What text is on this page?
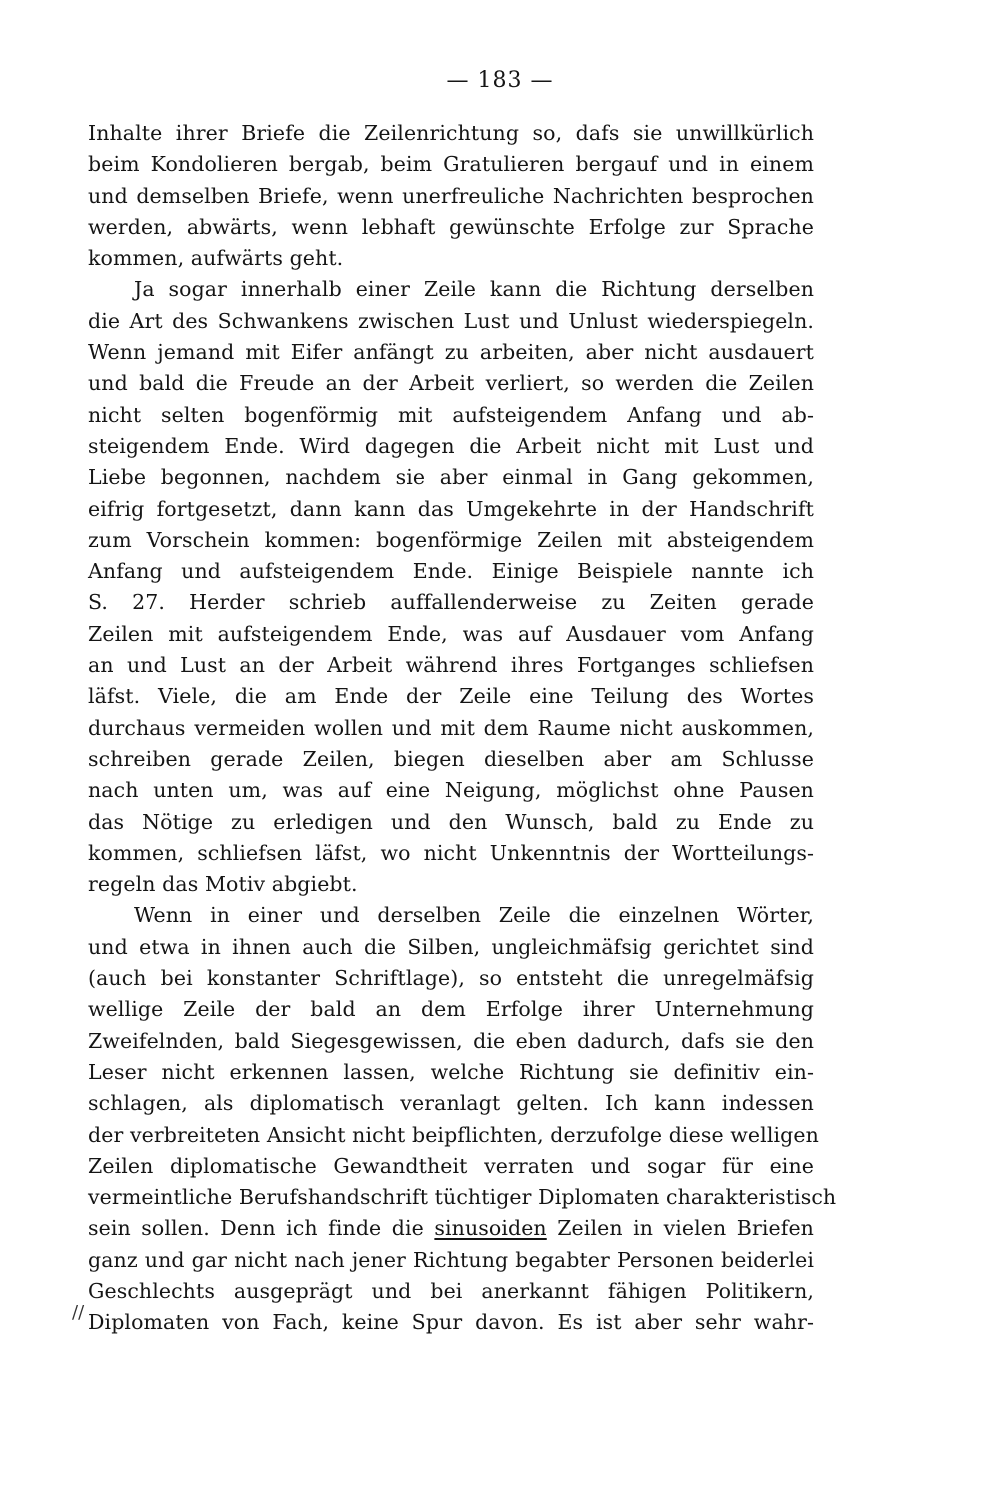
— 183 —
//
Inhalte ihrer Briefe die Zeilenrichtung so, dafs sie unwillkürlich
beim Kondolieren bergab, beim Gratulieren bergauf und in einem
und demselben Briefe, wenn unerfreuliche Nachrichten besprochen
werden, abwärts, wenn lebhaft gewünschte Erfolge zur Sprache
kommen, aufwärts geht.
Ja sogar innerhalb einer Zeile kann die Richtung derselben
die Art des Schwankens zwischen Lust und Unlust wiederspiegeln.
Wenn jemand mit Eifer anfängt zu arbeiten, aber nicht ausdauert
und bald die Freude an der Arbeit verliert, so werden die Zeilen
nicht selten bogenförmig mit aufsteigendem Anfang und ab-
steigendem Ende. Wird dagegen die Arbeit nicht mit Lust und
Liebe begonnen, nachdem sie aber einmal in Gang gekommen,
eifrig fortgesetzt, dann kann das Umgekehrte in der Handschrift
zum Vorschein kommen: bogenförmige Zeilen mit absteigendem
Anfang und aufsteigendem Ende. Einige Beispiele nannte ich
S. 27. Herder schrieb auffallenderweise zu Zeiten gerade
Zeilen mit aufsteigendem Ende, was auf Ausdauer vom Anfang
an und Lust an der Arbeit während ihres Fortganges schliefsen
läfst. Viele, die am Ende der Zeile eine Teilung des Wortes
durchaus vermeiden wollen und mit dem Raume nicht auskommen,
schreiben gerade Zeilen, biegen dieselben aber am Schlusse
nach unten um, was auf eine Neigung, möglichst ohne Pausen
das Nötige zu erledigen und den Wunsch, bald zu Ende zu
kommen, schliefsen läfst, wo nicht Unkenntnis der Wortteilungs-
regeln das Motiv abgiebt.
Wenn in einer und derselben Zeile die einzelnen Wörter,
und etwa in ihnen auch die Silben, ungleichmäfsig gerichtet sind
(auch bei konstanter Schriftlage), so entsteht die unregelmäfsig
wellige Zeile der bald an dem Erfolge ihrer Unternehmung
Zweifelnden, bald Siegesgewissen, die eben dadurch, dafs sie den
Leser nicht erkennen lassen, welche Richtung sie definitiv ein-
schlagen, als diplomatisch veranlagt gelten. Ich kann indessen
der verbreiteten Ansicht nicht beipflichten, derzufolge diese welligen
Zeilen diplomatische Gewandtheit verraten und sogar für eine
vermeintliche Berufshandschrift tüchtiger Diplomaten charakteristisch
sein sollen. Denn ich finde die sinusoiden Zeilen in vielen Briefen
ganz und gar nicht nach jener Richtung begabter Personen beiderlei
Geschlechts ausgeprägt und bei anerkannt fähigen Politikern,
Diplomaten von Fach, keine Spur davon. Es ist aber sehr wahr-
